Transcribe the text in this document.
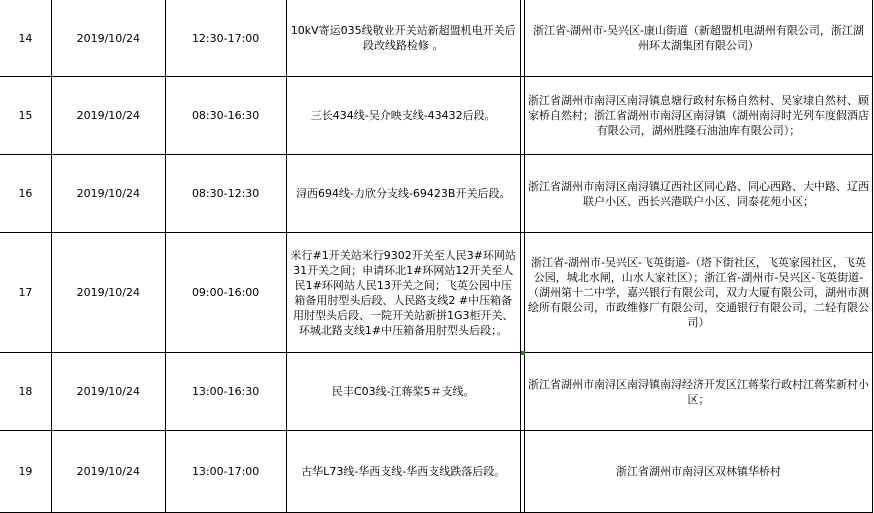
14	2019/10/24	12:30-17:00	10kV寄运035线敬业开关站新超盟机电开关后段改线路检修 。		浙江省-湖州市-吴兴区-康山街道（新超盟机电湖州有限公司，浙江湖州环太湖集团有限公司）
15	2019/10/24	08:30-16:30	三长434线-吴介映支线-43432后段。		浙江省湖州市南浔区南浔镇息塘行政村东杨自然村、吴家埭自然村、顾家桥自然村；浙江省湖州市南浔区南浔镇（湖州南浔时光列车度假酒店有限公司，湖州胜隆石油油库有限公司）；
16	2019/10/24	08:30-12:30	浔西694线-力欣分支线-69423B开关后段。		浙江省湖州市南浔区南浔镇辽西社区同心路、同心西路、大中路、辽西联户小区、西长兴港联户小区、同泰花苑小区；
17	2019/10/24	09:00-16:00	米行#1开关站米行9302开关至人民3#环网站31开关之间；申请环北1#环网站12开关至人民1#环网站人民13开关之间；飞英公园中压箱备用肘型头后段、人民路支线2 #中压箱备用肘型头后段、一院开关站新拼1G3柜开关、环城北路支线1#中压箱备用肘型头后段；。		浙江省-湖州市-吴兴区-飞英街道-（塔下街社区，飞英家园社区，飞英公园，城北水闸，山水人家社区）；浙江省-湖州市-吴兴区-飞英街道-（湖州第十二中学，嘉兴银行有限公司，双力大厦有限公司，湖州市测绘所有限公司，市政维修厂有限公司，交通银行有限公司，二轻有限公司）
18	2019/10/24	13:00-16:30	民丰C03线-江蒋桨5＃支线。		浙江省湖州市南浔区南浔镇南浔经济开发区江蒋桨行政村江蒋桨新村小区；
19	2019/10/24	13:00-17:00	古华L73线-华西支线-华西支线跌落后段。		浙江省湖州市南浔区双林镇华桥村
